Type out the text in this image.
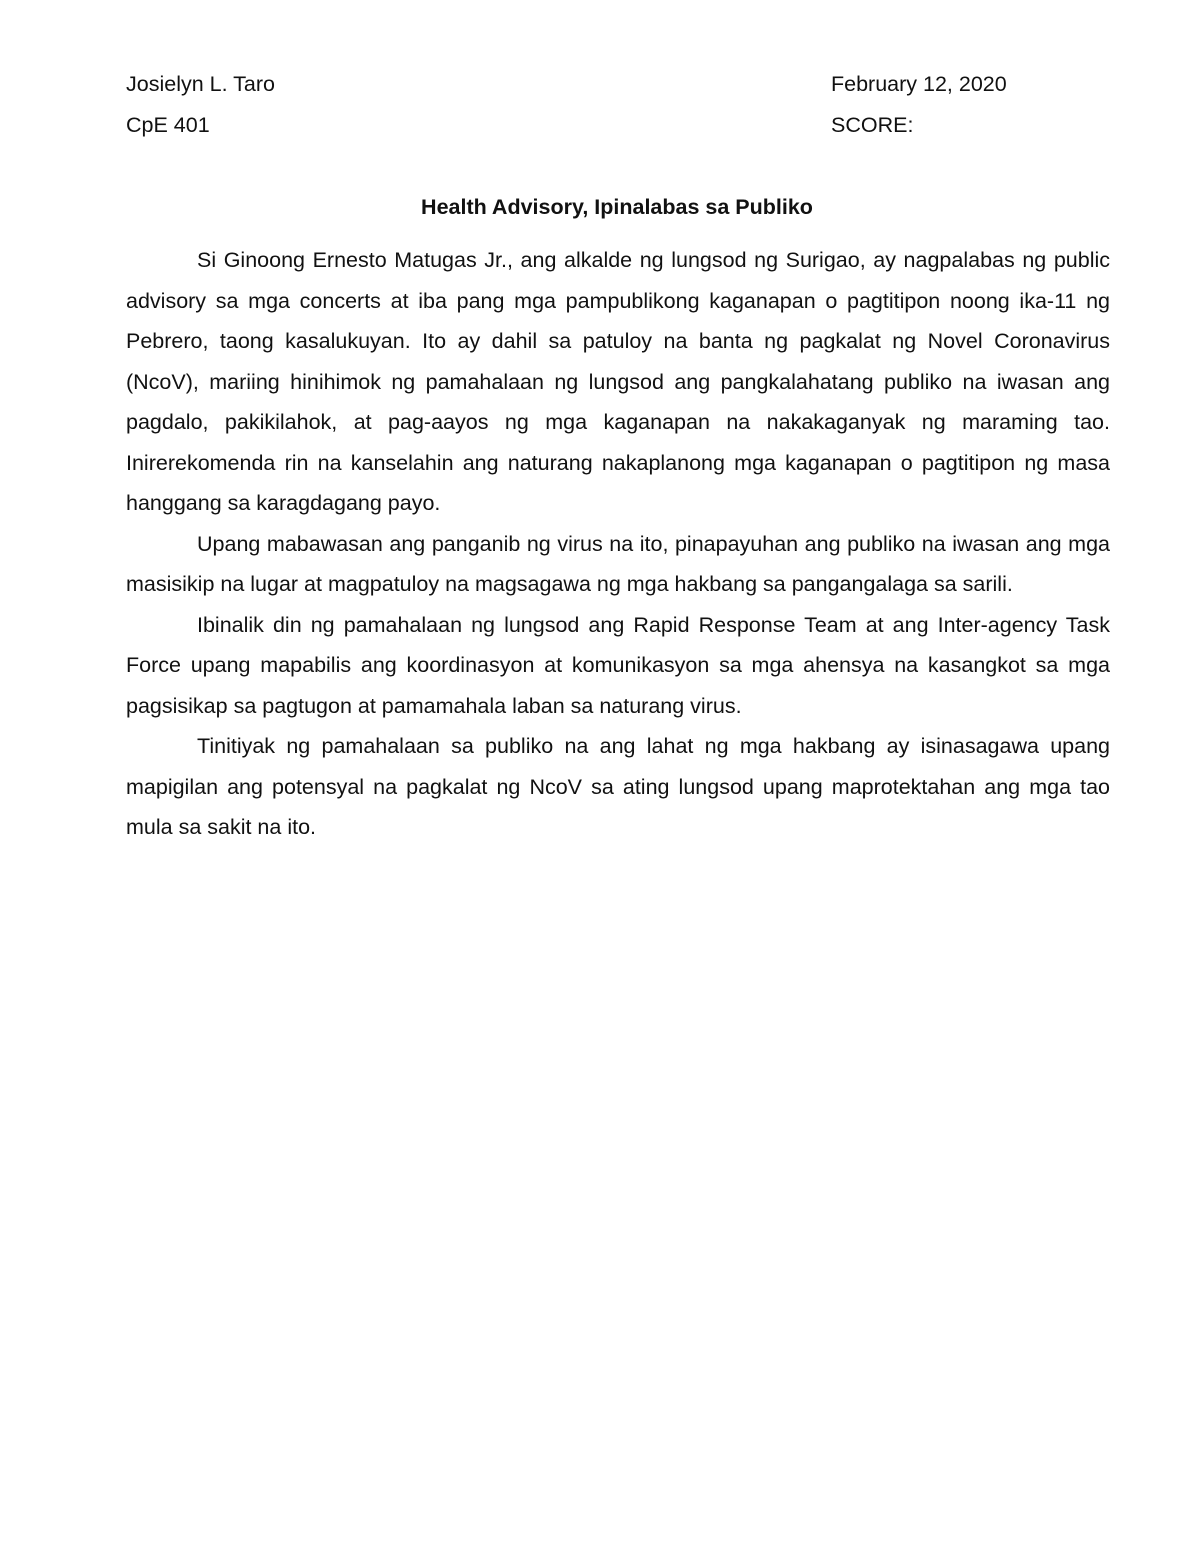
Josielyn L. Taro	February 12, 2020
CpE 401	SCORE:
Health Advisory, Ipinalabas sa Publiko

Si Ginoong Ernesto Matugas Jr., ang alkalde ng lungsod ng Surigao, ay nagpalabas ng public advisory sa mga concerts at iba pang mga pampublikong kaganapan o pagtitipon noong ika-11 ng Pebrero, taong kasalukuyan. Ito ay dahil sa patuloy na banta ng pagkalat ng Novel Coronavirus (NcoV), mariing hinihimok ng pamahalaan ng lungsod ang pangkalahatang publiko na iwasan ang pagdalo, pakikilahok, at pag-aayos ng mga kaganapan na nakakaganyak ng maraming tao. Inirerekomenda rin na kanselahin ang naturang nakaplanong mga kaganapan o pagtitipon ng masa hanggang sa karagdagang payo.

Upang mabawasan ang panganib ng virus na ito, pinapayuhan ang publiko na iwasan ang mga masisikip na lugar at magpatuloy na magsagawa ng mga hakbang sa pangangalaga sa sarili.

Ibinalik din ng pamahalaan ng lungsod ang Rapid Response Team at ang Inter-agency Task Force upang mapabilis ang koordinasyon at komunikasyon sa mga ahensya na kasangkot sa mga pagsisikap sa pagtugon at pamamahala laban sa naturang virus.

Tinitiyak ng pamahalaan sa publiko na ang lahat ng mga hakbang ay isinasagawa upang mapigilan ang potensyal na pagkalat ng NcoV sa ating lungsod upang maprotektahan ang mga tao mula sa sakit na ito.
